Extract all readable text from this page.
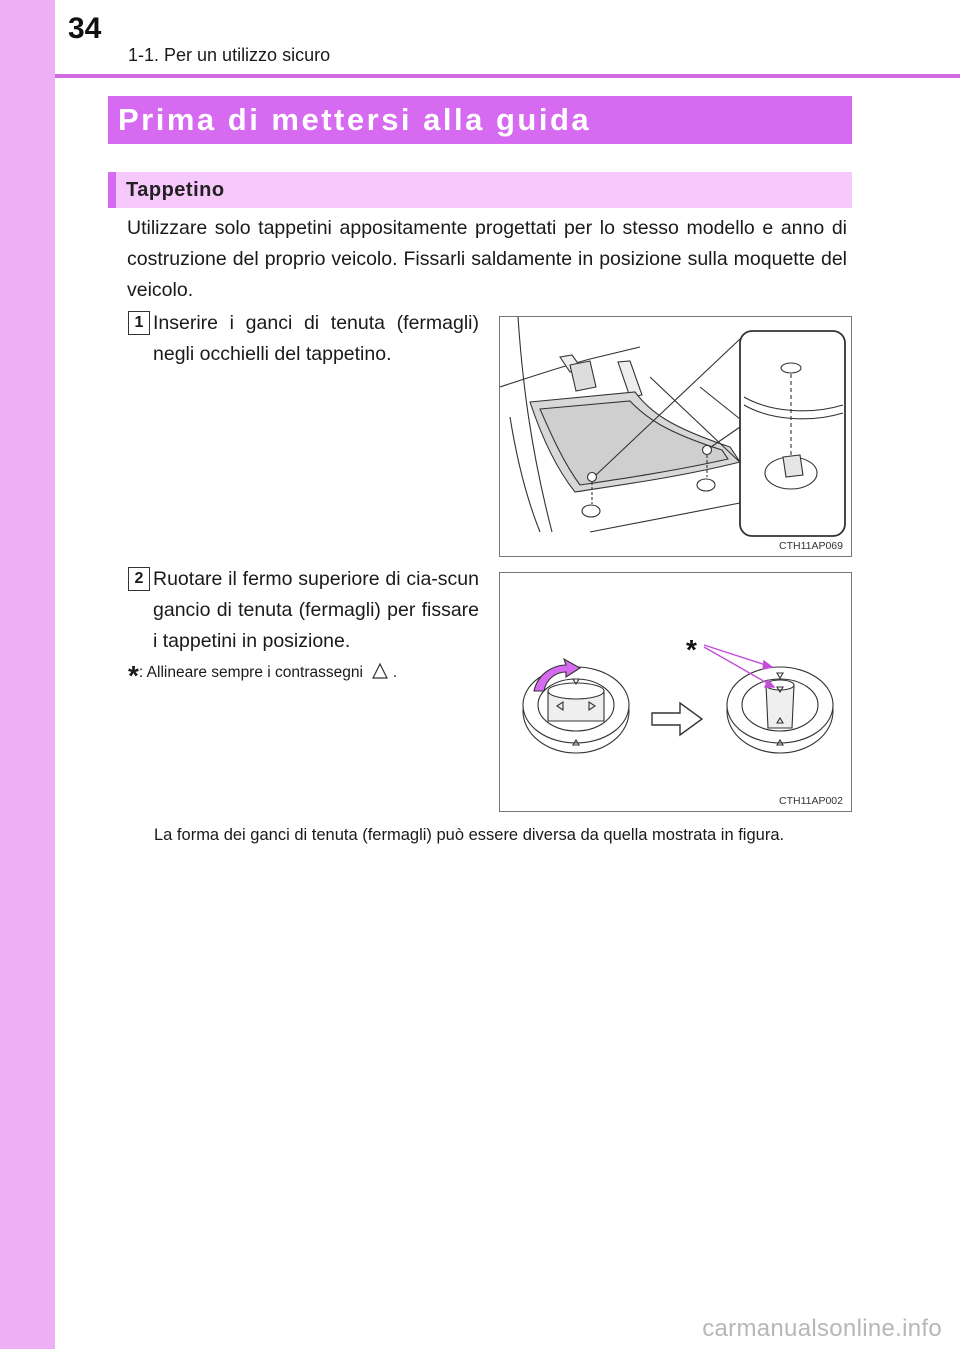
34
1-1. Per un utilizzo sicuro
Prima di mettersi alla guida
Tappetino
Utilizzare solo tappetini appositamente progettati per lo stesso modello e anno di costruzione del proprio veicolo. Fissarli saldamente in posizione sulla moquette del veicolo.
1 Inserire i ganci di tenuta (fermagli) negli occhielli del tappetino.
CTH11AP069
2 Ruotare il fermo superiore di cia-scun gancio di tenuta (fermagli) per fissare i tappetini in posizione.
*: Allineare sempre i contrassegni .
*
CTH11AP002
La forma dei ganci di tenuta (fermagli) può essere diversa da quella mostrata in figura.
carmanualsonline.info
